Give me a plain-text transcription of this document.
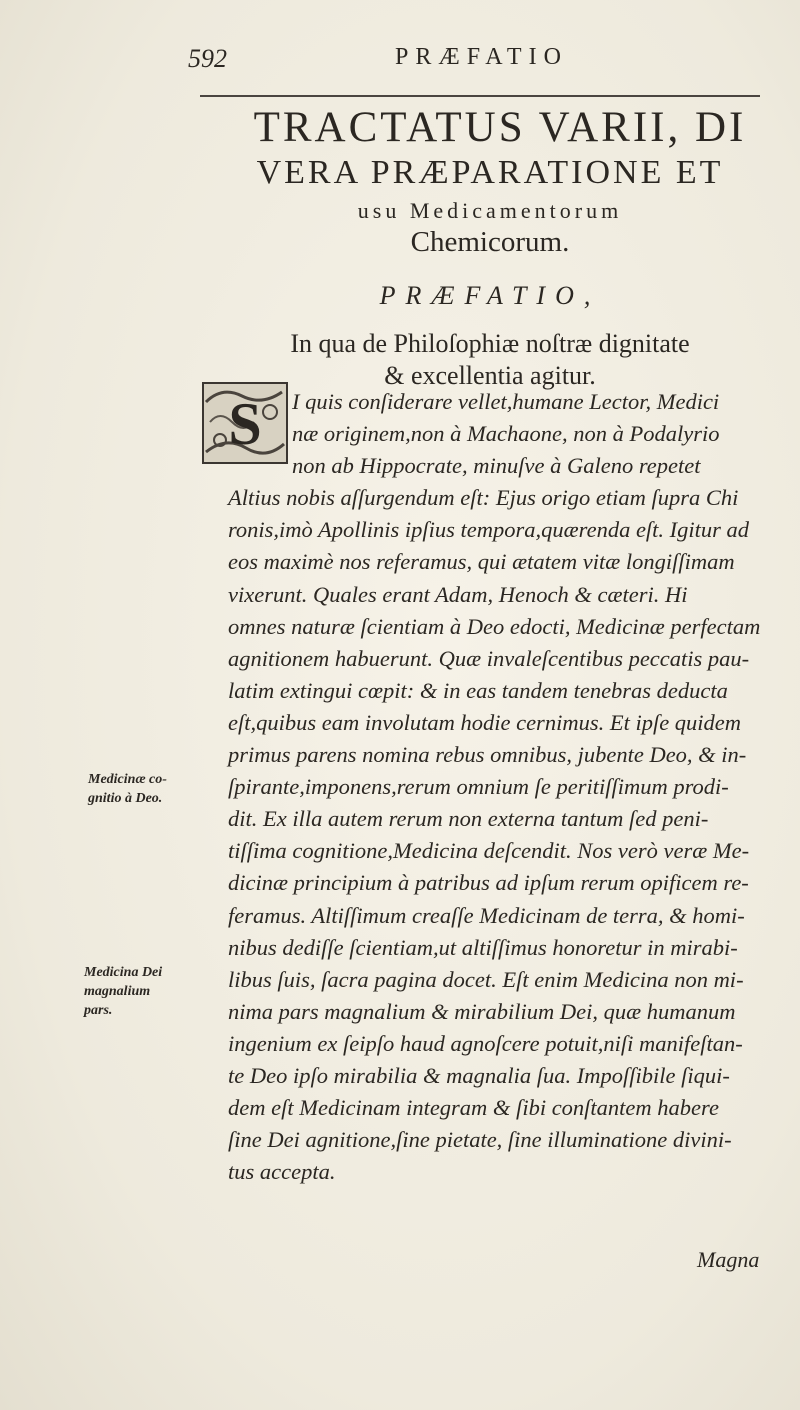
592	PRÆFATIO
TRACTATUS VARII, DI
VERA PRÆPARATIONE ET
usu Medicamentorum
Chemicorum.
PRÆFATIO,
In qua de Philoſophiæ noſtræ dignitate
& excellentia agitur.
S	I quis conſiderare vellet,humane Lector, Medici
næ originem,non à Machaone, non à Podalyrio
non ab Hippocrate, minuſve à Galeno repetet
Altius nobis aſſurgendum eſt: Ejus origo etiam ſupra Chi
ronis,imò Apollinis ipſius tempora,quærenda eſt. Igitur ad
eos maximè nos referamus, qui ætatem vitæ longiſſimam
vixerunt. Quales erant Adam, Henoch & cæteri. Hi
omnes naturæ ſcientiam à Deo edocti, Medicinæ perfectam
agnitionem habuerunt. Quæ invaleſcentibus peccatis pau-
latim extingui cœpit: & in eas tandem tenebras deducta
eſt,quibus eam involutam hodie cernimus. Et ipſe quidem
primus parens nomina rebus omnibus, jubente Deo, & in-
ſpirante,imponens,rerum omnium ſe peritiſſimum prodi-
dit. Ex illa autem rerum non externa tantum ſed peni-
tiſſima cognitione,Medicina deſcendit. Nos verò veræ Me-
dicinæ principium à patribus ad ipſum rerum opificem re-
feramus. Altiſſimum creaſſe Medicinam de terra, & homi-
nibus dediſſe ſcientiam,ut altiſſimus honoretur in mirabi-
libus ſuis, ſacra pagina docet. Eſt enim Medicina non mi-
nima pars magnalium & mirabilium Dei, quæ humanum
ingenium ex ſeipſo haud agnoſcere potuit,niſi manifeſtan-
te Deo ipſo mirabilia & magnalia ſua. Impoſſibile ſiqui-
dem eſt Medicinam integram & ſibi conſtantem habere
ſine Dei agnitione,ſine pietate, ſine illuminatione divini-
tus accepta.
Medicinæ co-
gnitio à Deo.
Medicina Dei
magnalium
pars.
Magna
